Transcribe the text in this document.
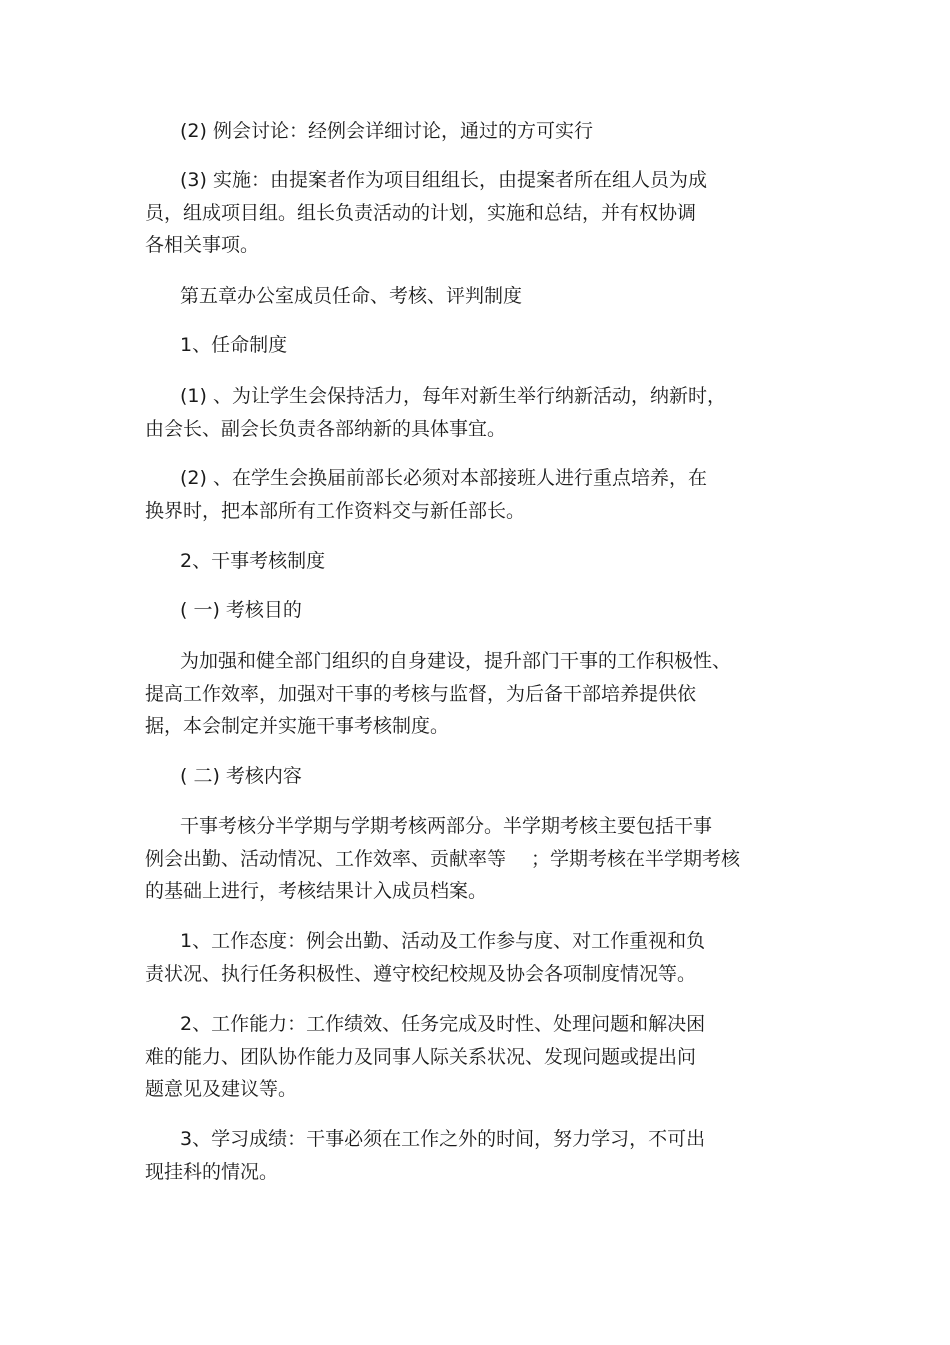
(2) 例会讨论：经例会详细讨论，通过的方可实行

(3) 实施：由提案者作为项目组组长，由提案者所在组人员为成
员，组成项目组。组长负责活动的计划，实施和总结，并有权协调
各相关事项。

第五章办公室成员任命、考核、评判制度

1、任命制度

(1) 、为让学生会保持活力，每年对新生举行纳新活动，纳新时，
由会长、副会长负责各部纳新的具体事宜。

(2) 、在学生会换届前部长必须对本部接班人进行重点培养，在
换界时，把本部所有工作资料交与新任部长。

2、干事考核制度

( 一) 考核目的

为加强和健全部门组织的自身建设，提升部门干事的工作积极性、
提高工作效率，加强对干事的考核与监督，为后备干部培养提供依
据，本会制定并实施干事考核制度。

( 二) 考核内容

干事考核分半学期与学期考核两部分。半学期考核主要包括干事
例会出勤、活动情况、工作效率、贡献率等　 ；学期考核在半学期考核
的基础上进行，考核结果计入成员档案。

1、工作态度：例会出勤、活动及工作参与度、对工作重视和负
责状况、执行任务积极性、遵守校纪校规及协会各项制度情况等。

2、工作能力：工作绩效、任务完成及时性、处理问题和解决困
难的能力、团队协作能力及同事人际关系状况、发现问题或提出问
题意见及建议等。

3、学习成绩：干事必须在工作之外的时间，努力学习，不可出
现挂科的情况。
